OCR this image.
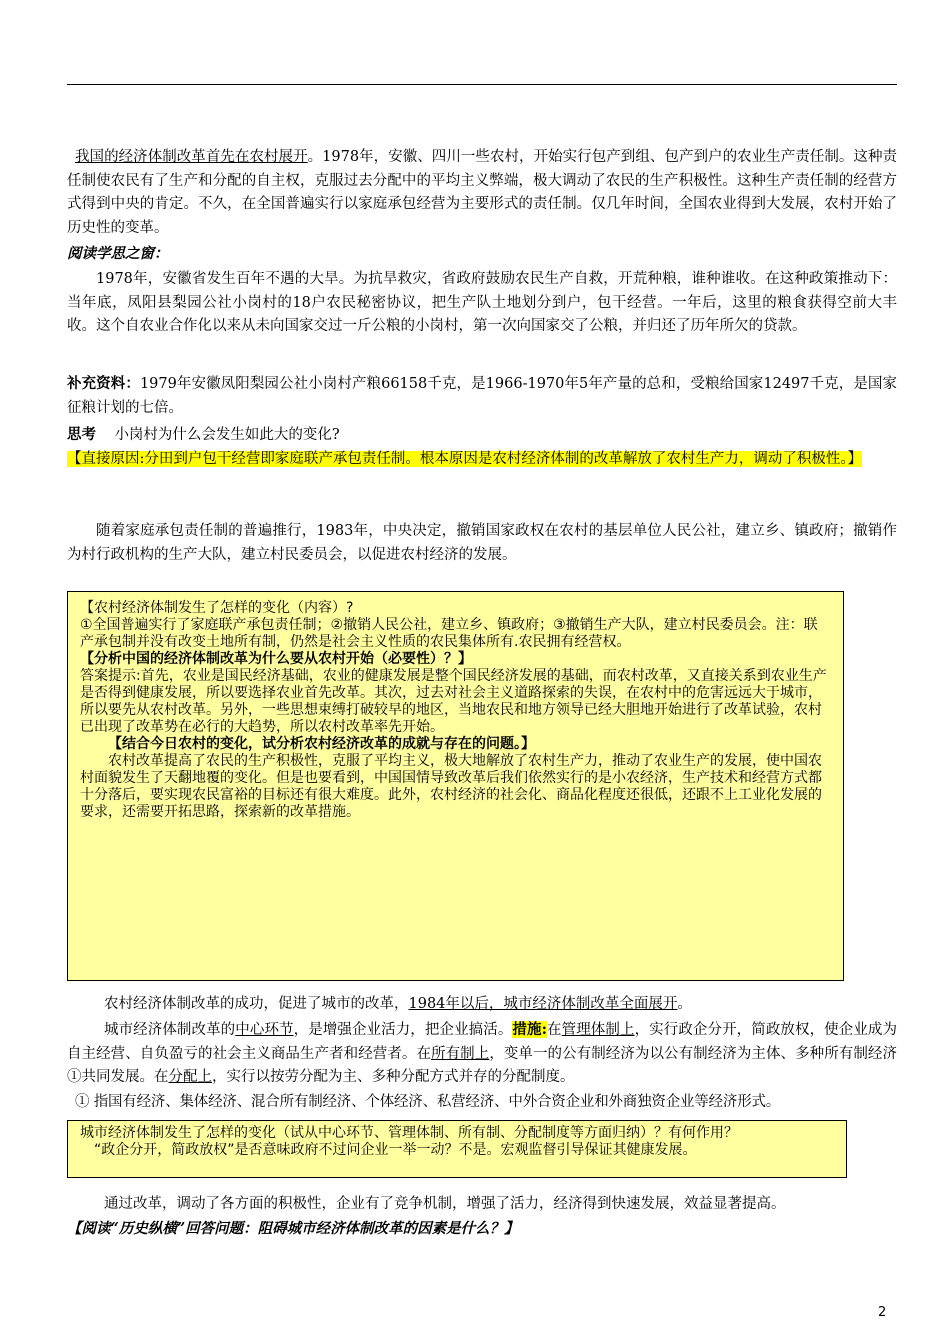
我国的经济体制改革首先在农村展开。1978年，安徽、四川一些农村，开始实行包产到组、包产到户的农业生产责任制。这种责任制使农民有了生产和分配的自主权，克服过去分配中的平均主义弊端，极大调动了农民的生产积极性。这种生产责任制的经营方式得到中央的肯定。不久，在全国普遍实行以家庭承包经营为主要形式的责任制。仅几年时间，全国农业得到大发展，农村开始了历史性的变革。
阅读学思之窗：
1978年，安徽省发生百年不遇的大旱。为抗旱救灾，省政府鼓励农民生产自救，开荒种粮，谁种谁收。在这种政策推动下：当年底，凤阳县梨园公社小岗村的18户农民秘密协议，把生产队土地划分到户，包干经营。一年后，这里的粮食获得空前大丰收。这个自农业合作化以来从未向国家交过一斤公粮的小岗村，第一次向国家交了公粮，并归还了历年所欠的贷款。
补充资料：1979年安徽凤阳梨园公社小岗村产粮66158千克，是1966-1970年5年产量的总和，受粮给国家12497千克，是国家征粮计划的七倍。
思考 小岗村为什么会发生如此大的变化?
【直接原因:分田到户包干经营即家庭联产承包责任制。根本原因是农村经济体制的改革解放了农村生产力，调动了积极性。】
随着家庭承包责任制的普遍推行，1983年，中央决定，撤销国家政权在农村的基层单位人民公社，建立乡、镇政府；撤销作为村行政机构的生产大队，建立村民委员会，以促进农村经济的发展。
【农村经济体制发生了怎样的变化（内容）?
①全国普遍实行了家庭联产承包责任制；②撤销人民公社，建立乡、镇政府；③撤销生产大队，建立村民委员会。注：联产承包制并没有改变土地所有制，仍然是社会主义性质的农民集体所有.农民拥有经营权。
【分析中国的经济体制改革为什么要从农村开始（必要性）？】
答案提示:首先，农业是国民经济基础，农业的健康发展是整个国民经济发展的基础，而农村改革，又直接关系到农业生产是否得到健康发展，所以要选择农业首先改革。其次，过去对社会主义道路探索的失误，在农村中的危害远远大于城市，所以要先从农村改革。另外，一些思想束缚打破较早的地区，当地农民和地方领导已经大胆地开始进行了改革试验，农村已出现了改革势在必行的大趋势，所以农村改革率先开始。
【结合今日农村的变化，试分析农村经济改革的成就与存在的问题。】
农村改革提高了农民的生产积极性，克服了平均主义，极大地解放了农村生产力，推动了农业生产的发展，使中国农村面貌发生了天翻地覆的变化。但是也要看到，中国国情导致改革后我们依然实行的是小农经济，生产技术和经营方式都十分落后，要实现农民富裕的目标还有很大难度。此外，农村经济的社会化、商品化程度还很低，还跟不上工业化发展的要求，还需要开拓思路，探索新的改革措施。
农村经济体制改革的成功，促进了城市的改革，1984年以后，城市经济体制改革全面展开。
城市经济体制改革的中心环节，是增强企业活力，把企业搞活。措施:在管理体制上，实行政企分开，简政放权，使企业成为自主经营、自负盈亏的社会主义商品生产者和经营者。在所有制上，变单一的公有制经济为以公有制经济为主体、多种所有制经济①共同发展。在分配上，实行以按劳分配为主、多种分配方式并存的分配制度。
① 指国有经济、集体经济、混合所有制经济、个体经济、私营经济、中外合资企业和外商独资企业等经济形式。
城市经济体制发生了怎样的变化（试从中心环节、管理体制、所有制、分配制度等方面归纳）？有何作用？
“政企分开，简政放权”是否意味政府不过问企业一举一动？不是。宏观监督引导保证其健康发展。
通过改革，调动了各方面的积极性，企业有了竞争机制，增强了活力，经济得到快速发展，效益显著提高。
【阅读“历史纵横”回答问题：阻碍城市经济体制改革的因素是什么？】
2
